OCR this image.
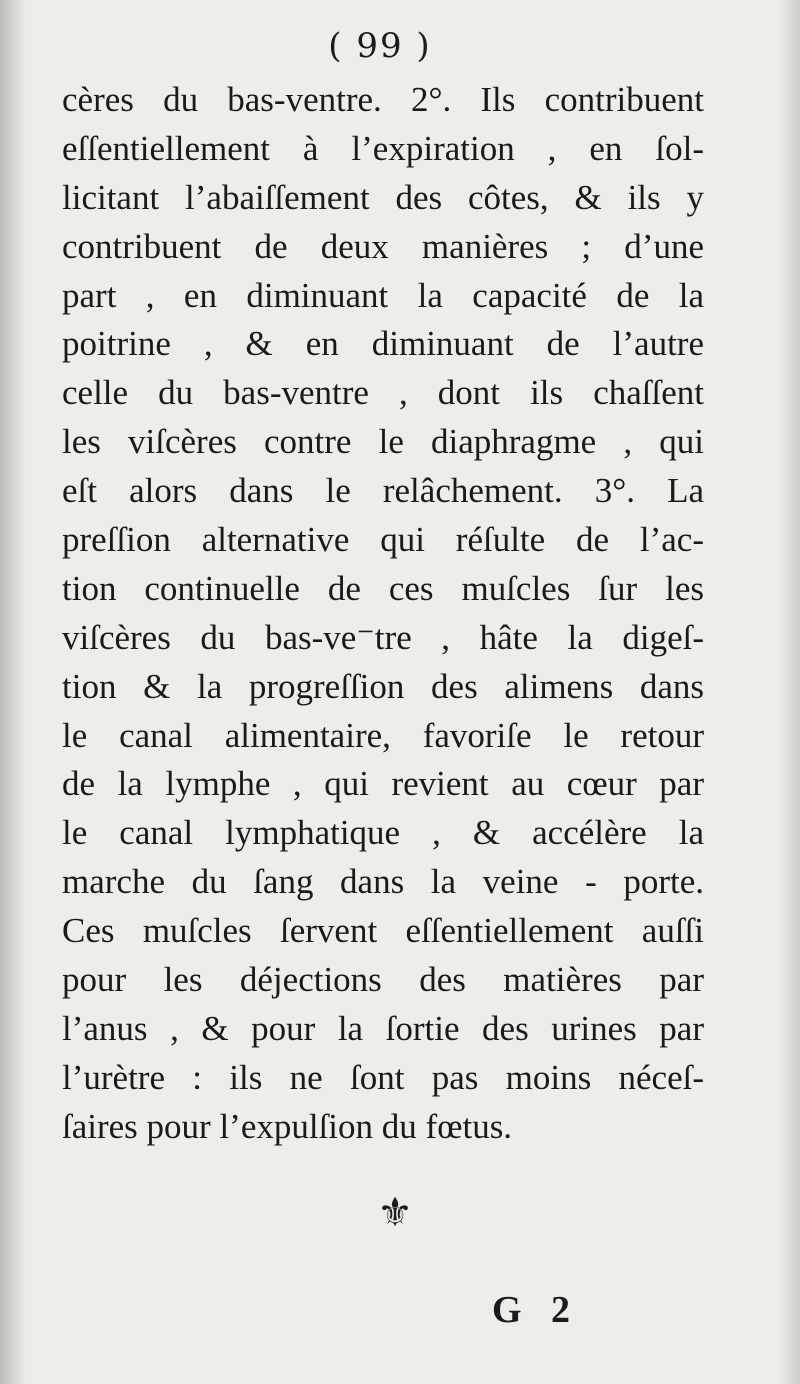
( 99 )
cères du bas-ventre. 2°. Ils contribuent
eſſentiellement à l’expiration , en ſol-
licitant l’abaiſſement des côtes, & ils y
contribuent de deux manières ; d’une
part , en diminuant la capacité de la
poitrine , & en diminuant de l’autre
celle du bas-ventre , dont ils chaſſent
les viſcères contre le diaphragme , qui
eſt alors dans le relâchement. 3°. La
preſſion alternative qui réſulte de l’ac-
tion continuelle de ces muſcles ſur les
viſcères du bas-ve⁻tre , hâte la digeſ-
tion & la progreſſion des alimens dans
le canal alimentaire, favoriſe le retour
de la lymphe , qui revient au cœur par
le canal lymphatique , & accélère la
marche du ſang dans la veine - porte.
Ces muſcles ſervent eſſentiellement auſſi
pour les déjections des matières par
l’anus , & pour la ſortie des urines par
l’urètre : ils ne ſont pas moins néceſ-
ſaires pour l’expulſion du fœtus.
⚜
G 2
